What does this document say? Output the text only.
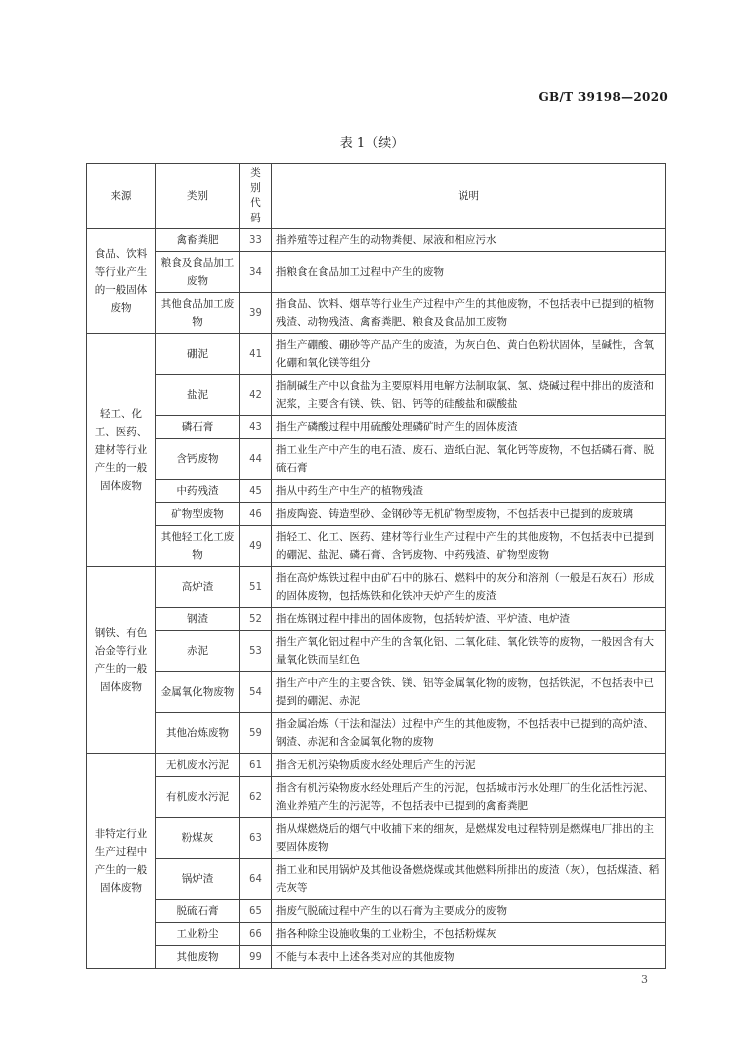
GB/T 39198—2020
表 1（续）
来源	类别	类别代码	说明
食品、饮料等行业产生的一般固体废物	禽畜粪肥	33	指养殖等过程产生的动物粪便、尿液和相应污水
	粮食及食品加工废物	34	指粮食在食品加工过程中产生的废物
	其他食品加工废物	39	指食品、饮料、烟草等行业生产过程中产生的其他废物，不包括表中已提到的植物残渣、动物残渣、禽畜粪肥、粮食及食品加工废物
轻工、化工、医药、建材等行业产生的一般固体废物	硼泥	41	指生产硼酸、硼砂等产品产生的废渣，为灰白色、黄白色粉状固体，呈碱性，含氧化硼和氧化镁等组分
	盐泥	42	指制碱生产中以食盐为主要原料用电解方法制取氯、氢、烧碱过程中排出的废渣和泥浆，主要含有镁、铁、铝、钙等的硅酸盐和碳酸盐
	磷石膏	43	指生产磷酸过程中用硫酸处理磷矿时产生的固体废渣
	含钙废物	44	指工业生产中产生的电石渣、废石、造纸白泥、氧化钙等废物，不包括磷石膏、脱硫石膏
	中药残渣	45	指从中药生产中生产的植物残渣
	矿物型废物	46	指废陶瓷、铸造型砂、金钢砂等无机矿物型废物，不包括表中已提到的废玻璃
	其他轻工化工废物	49	指轻工、化工、医药、建材等行业生产过程中产生的其他废物，不包括表中已提到的硼泥、盐泥、磷石膏、含钙废物、中药残渣、矿物型废物
钢铁、有色冶金等行业产生的一般固体废物	高炉渣	51	指在高炉炼铁过程中由矿石中的脉石、燃料中的灰分和溶剂（一般是石灰石）形成的固体废物，包括炼铁和化铁冲天炉产生的废渣
	钢渣	52	指在炼钢过程中排出的固体废物，包括转炉渣、平炉渣、电炉渣
	赤泥	53	指生产氧化铝过程中产生的含氧化铝、二氧化硅、氧化铁等的废物，一般因含有大量氧化铁而呈红色
	金属氧化物废物	54	指生产中产生的主要含铁、镁、铝等金属氧化物的废物，包括铁泥，不包括表中已提到的硼泥、赤泥
	其他冶炼废物	59	指金属冶炼（干法和湿法）过程中产生的其他废物，不包括表中已提到的高炉渣、钢渣、赤泥和含金属氧化物的废物
非特定行业生产过程中产生的一般固体废物	无机废水污泥	61	指含无机污染物质废水经处理后产生的污泥
	有机废水污泥	62	指含有机污染物废水经处理后产生的污泥，包括城市污水处理厂的生化活性污泥、渔业养殖产生的污泥等，不包括表中已提到的禽畜粪肥
	粉煤灰	63	指从煤燃烧后的烟气中收捕下来的细灰，是燃煤发电过程特别是燃煤电厂排出的主要固体废物
	锅炉渣	64	指工业和民用锅炉及其他设备燃烧煤或其他燃料所排出的废渣（灰），包括煤渣、稻壳灰等
	脱硫石膏	65	指废气脱硫过程中产生的以石膏为主要成分的废物
	工业粉尘	66	指各种除尘设施收集的工业粉尘，不包括粉煤灰
	其他废物	99	不能与本表中上述各类对应的其他废物
3
